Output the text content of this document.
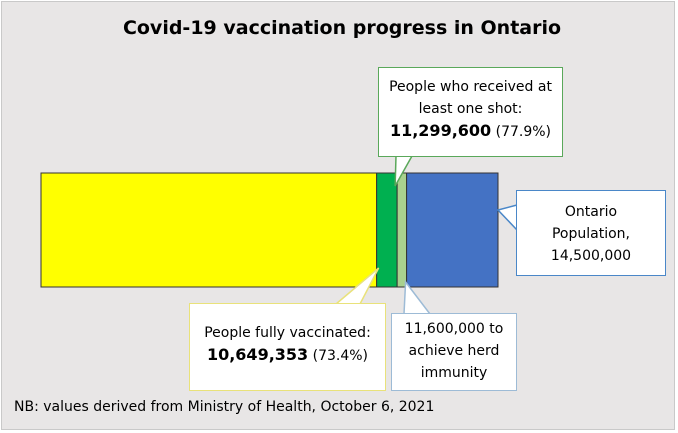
Covid-19 vaccination progress in Ontario
People who received at
least one shot:
11,299,600 (77.9%)
Ontario
Population,
14,500,000
People fully vaccinated:
10,649,353 (73.4%)
11,600,000 to
achieve herd
immunity
NB: values derived from Ministry of Health, October 6, 2021
